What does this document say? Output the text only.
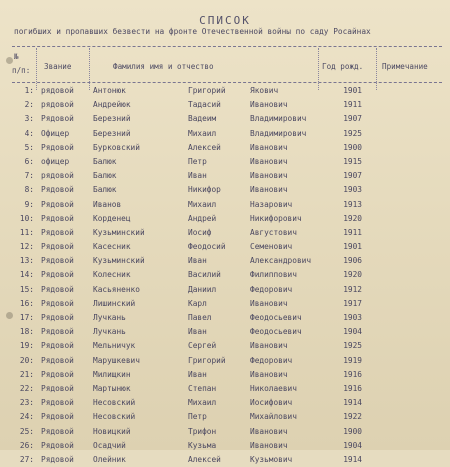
СПИСОК
погибших и пропавших безвести на фронте Отечественной войны по саду Росайнах
№
п/п: Звание	Фамилия имя и отчество	Год рожд. Примечание
1: рядовой Антонюк	Григорий	Якович	1901
2: рядовой Андрейюк	Тадасий	Иванович	1911
3: Рядовой Березний	Вадеим	Владимирович	1907
4: Офицер	Березний	Михаил	Владимирович	1925
5: Рядовой Бурковский	Алексей	Иванович	1900
6: офицер	Балюк	Петр	Иванович	1915
7: рядовой Балюк	Иван	Иванович	1907
8: Рядовой Балюк	Никифор	Иванович	1903
9: Рядовой Иванов	Михаил	Назарович	1913
10: Рядовой Корденец	Андрей	Никифорович	1920
11: Рядовой Кузьминский	Иосиф	Августович	1911
12: Рядовой Касесник	Феодосий	Семенович	1901
13: Рядовой Кузьминский	Иван	Александрович	1906
14: Рядовой Колесник	Василий	Филиппович	1920
15: Рядовой Касьяненко	Даниил	Федорович	1912
16: Рядовой Лишинский	Карл	Иванович	1917
17: Рядовой Лучкань	Павел	Феодосьевич	1903
18: Рядовой Лучкань	Иван	Феодосьевич	1904
19: Рядовой Мельничук	Сергей	Иванович	1925
20: Рядовой Марушкевич	Григорий	Федорович	1919
21: Рядовой Милищкин	Иван	Иванович	1916
22: Рядовой Мартынюк	Степан	Николаевич	1916
23: Рядовой Несовский	Михаил	Иосифович	1914
24: Рядовой Несовский	Петр	Михайлович	1922
25: Рядовой Новицкий	Трифон	Иванович	1900
26: Рядовой Осадчий	Кузьма	Иванович	1904
27: Рядовой Олейник	Алексей	Кузьмович	1914
